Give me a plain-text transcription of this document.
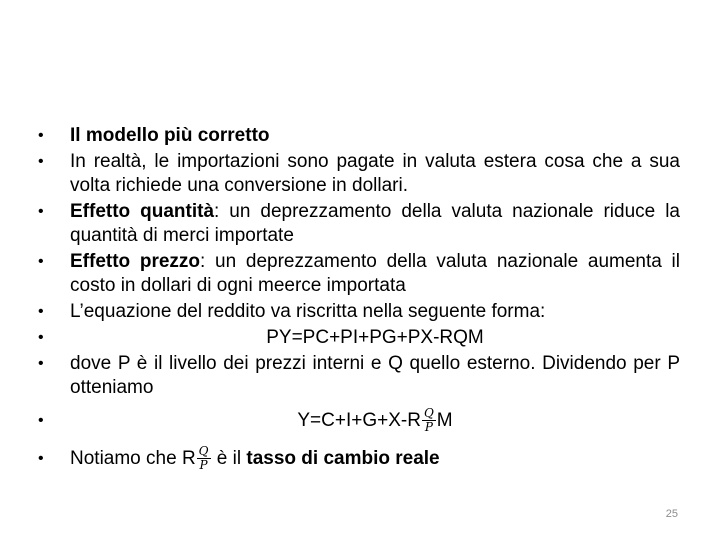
•	Il modello più corretto
•	In realtà, le importazioni sono pagate in valuta estera cosa che a sua volta richiede una conversione in dollari.
•	Effetto quantità: un deprezzamento della valuta nazionale riduce la quantità di merci importate
•	Effetto prezzo: un deprezzamento della valuta nazionale aumenta il costo in dollari di ogni meerce importata
•	L’equazione del reddito va riscritta nella seguente forma:
•	PY=PC+PI+PG+PX-RQM
•	dove P è il livello dei prezzi interni e Q quello esterno. Dividendo per P otteniamo
•	$Y=C+I+G+X-R \frac{Q}{P}$ M
•	Notiamo che R $\frac{Q}{P}$ è il tasso di cambio reale
25
